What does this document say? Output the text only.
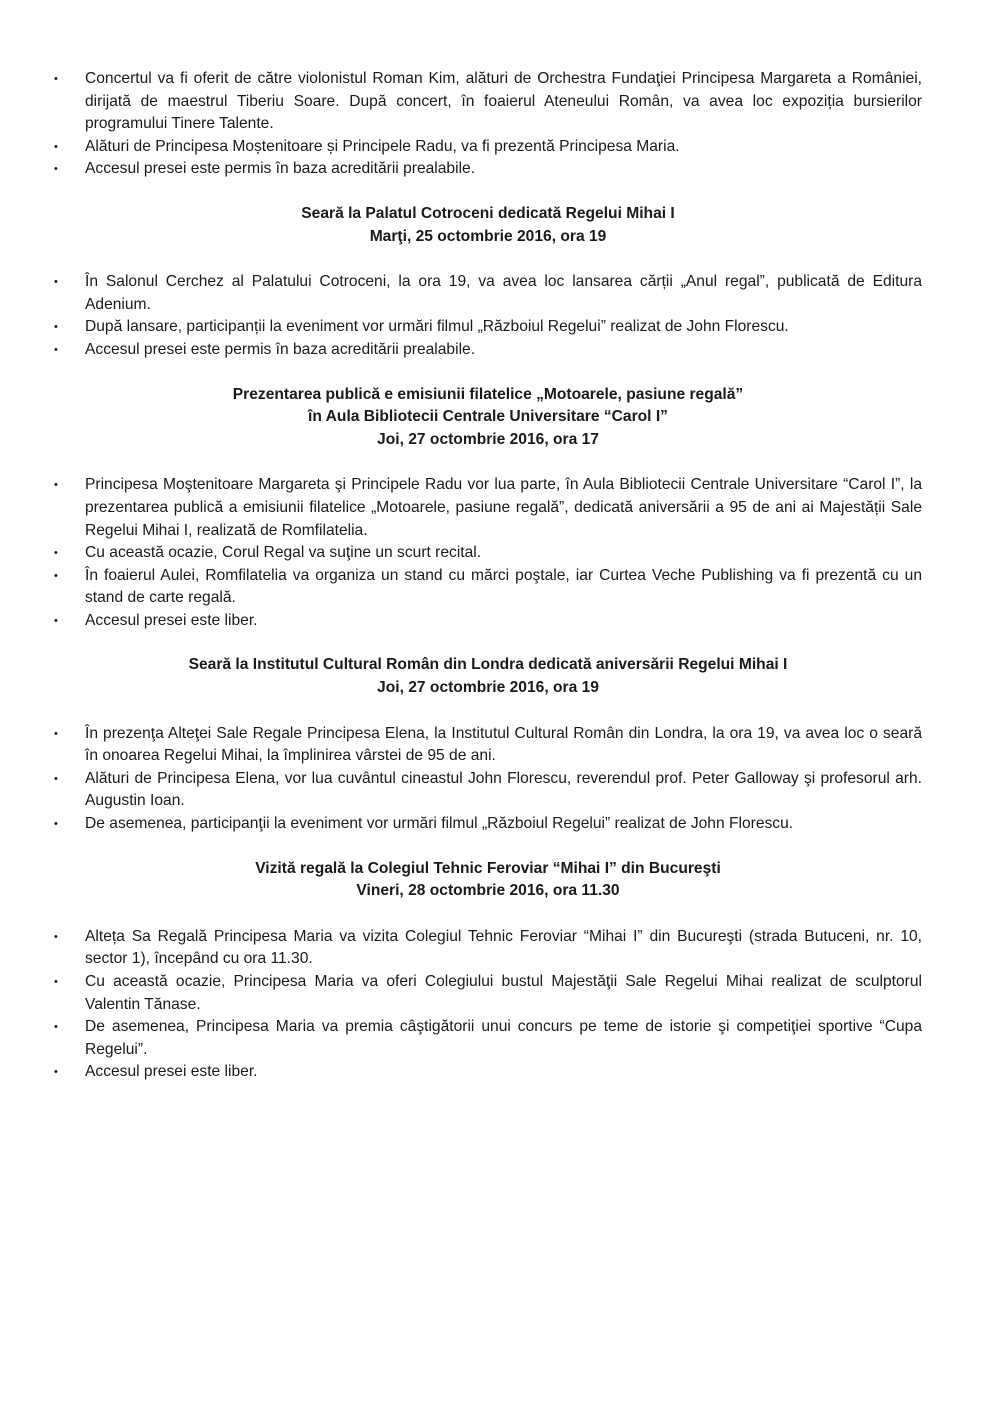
• Concertul va fi oferit de către violonistul Roman Kim, alături de Orchestra Fundaţiei Principesa Margareta a României, dirijată de maestrul Tiberiu Soare. După concert, în foaierul Ateneului Român, va avea loc expoziția bursierilor programului Tinere Talente.
• Alături de Principesa Moștenitoare și Principele Radu, va fi prezentă Principesa Maria.
• Accesul presei este permis în baza acreditării prealabile.
Seară la Palatul Cotroceni dedicată Regelui Mihai I
Marţi, 25 octombrie 2016, ora 19
• În Salonul Cerchez al Palatului Cotroceni, la ora 19, va avea loc lansarea cărții „Anul regal”, publicată de Editura Adenium.
• După lansare, participanții la eveniment vor urmări filmul „Războiul Regelui” realizat de John Florescu.
• Accesul presei este permis în baza acreditării prealabile.
Prezentarea publică e emisiunii filatelice „Motoarele, pasiune regală”
în Aula Bibliotecii Centrale Universitare “Carol I”
Joi, 27 octombrie 2016, ora 17
• Principesa Moştenitoare Margareta şi Principele Radu vor lua parte, în Aula Bibliotecii Centrale Universitare “Carol I”, la prezentarea publică a emisiunii filatelice „Motoarele, pasiune regală”, dedicată aniversării a 95 de ani ai Majestății Sale Regelui Mihai I, realizată de Romfilatelia.
• Cu această ocazie, Corul Regal va suţine un scurt recital.
• În foaierul Aulei, Romfilatelia va organiza un stand cu mărci poştale, iar Curtea Veche Publishing va fi prezentă cu un stand de carte regală.
• Accesul presei este liber.
Seară la Institutul Cultural Român din Londra dedicată aniversării Regelui Mihai I
Joi, 27 octombrie 2016, ora 19
• În prezenţa Alteţei Sale Regale Principesa Elena, la Institutul Cultural Român din Londra, la ora 19, va avea loc o seară în onoarea Regelui Mihai, la împlinirea vârstei de 95 de ani.
• Alături de Principesa Elena, vor lua cuvântul cineastul John Florescu, reverendul prof. Peter Galloway şi profesorul arh. Augustin Ioan.
• De asemenea, participanţii la eveniment vor urmări filmul „Războiul Regelui” realizat de John Florescu.
Vizită regală la Colegiul Tehnic Feroviar “Mihai I” din Bucureşti
Vineri, 28 octombrie 2016, ora 11.30
• Alteța Sa Regală Principesa Maria va vizita Colegiul Tehnic Feroviar “Mihai I” din Bucureşti (strada Butuceni, nr. 10, sector 1), începând cu ora 11.30.
• Cu această ocazie, Principesa Maria va oferi Colegiului bustul Majestăţii Sale Regelui Mihai realizat de sculptorul Valentin Tănase.
• De asemenea, Principesa Maria va premia câştigătorii unui concurs pe teme de istorie şi competiţiei sportive “Cupa Regelui”.
• Accesul presei este liber.
